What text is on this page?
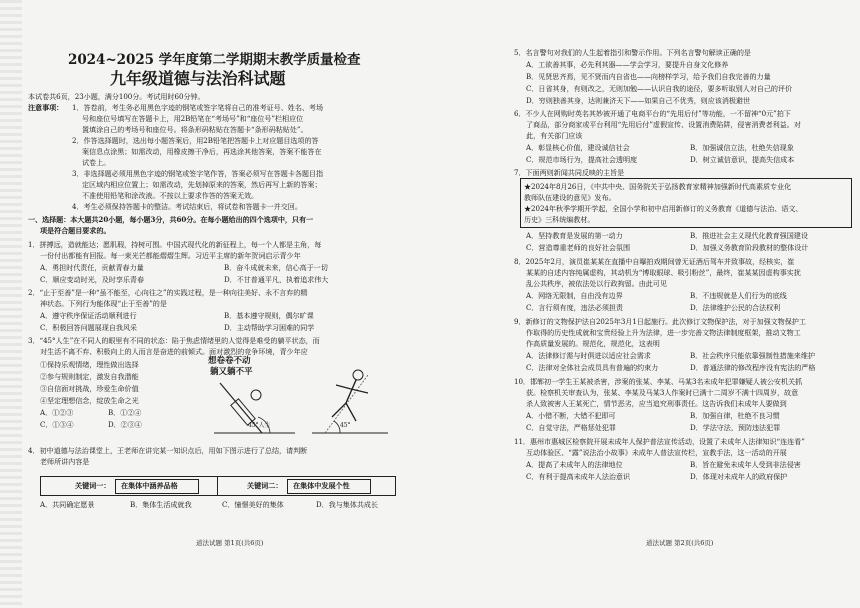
2024~2025 学年度第二学期期末教学质量检查
九年级道德与法治科试题
本试卷共6页，23小题，满分100分。考试用时60分钟。
注意事项： 1．答卷前，考生务必用黑色字迹的钢笔或签字笔将自己的准考证号、姓名、考场
号和座位号填写在答题卡上，用2B铅笔在“考场号”和“座位号”栏相应位
置填涂自己的考场号和座位号。将条形码粘贴在答题卡“条形码粘贴处”。
2．作答选择题时，选出每小题答案后，用2B铅笔把答题卡上对应题目选项的答
案信息点涂黑；如需改动，用橡皮擦干净后，再选涂其他答案，答案不能答在
试卷上。
3．非选择题必须用黑色字迹的钢笔或签字笔作答，答案必须写在答题卡各题目指
定区域内相应位置上；如需改动，先划掉原来的答案，然后再写上新的答案；
不准使用铅笔和涂改液。不按以上要求作答的答案无效。
4．考生必须保持答题卡的整洁。考试结束后，将试卷和答题卡一并交回。
一、选择题：本大题共20小题，每小题3分，共60分。在每小题给出的四个选项中，只有一
项是符合题目要求的。
1．拼搏远，造就能达；愿肌瑕，持树可围。中国式现代化的新征程上，每一个人都是主角，每
一份付出都能有回报。每一束光芒都能熠熠生辉。习近平主席的新年贺词启示青少年
A．勇担时代责任，贡献青春力量	B．奋斗成就未来，信心高于一切
C．顺应变动时光，及时享乐青春	D．不甘普通平凡，执着追求伟大
2．“止于至善”是一种“虽不能至，心向往之”的实践过程，是一种向往美好、永不言弃的精
神状态。下列行为能体现“止于至善”的是
A．遵守秩序保证活动顺利进行	B．基本遵守规则，偶尔旷课
C．积极回答问题展现自我风采	D．主动帮助学习困难的同学
3．“45°人生”在不同人的眼里有不同的状态：陷于焦虑情绪里的人觉得是难受的躺平状态，而
对生活不离不弃、积极向上的人而言是奋进的前倾式。面对激烈的竞争环境，青少年应
①保持乐观情绪，理性做出选择
②参与规则制定，激发自我潜能
③自信面对挑战，珍爱生命价值
④坚定理想信念，绽放生命之光
A．①②③	B．①②④
C．①③④	D．②③④
想卷卷不动
躺又躺不平
45°人生	45°
4．初中道德与法治课堂上，王老师在讲完某一知识点后，用如下图示进行了总结，请判断
老师所讲内容是
关键词一： 在集体中涵养品格	关键词二： 在集体中发展个性
A．共同确定愿景	B．集体生活成就我	C．憧憬美好的集体	D．我与集体共成长
道法试题 第1页(共6页)
5．名言警句对我们的人生起着指引和警示作用。下列名言警句解读正确的是
A．工欲善其事，必先利其器——学会学习，要提升自身文化修养
B．见贤思齐焉，见不贤而内自省也——向榜样学习，给予我们自我完善的力量
C．日省其身，有则改之，无则加勉——认识自我的途径，要多听取别人对自己的评价
D．穷则独善其身，达则兼济天下——如果自己不优秀，则应该消极避世
6．不少人在网购时英名其妙被开通了电商平台的“先用后付”等功能，一不留神“0元”拍下
了商品，部分商家或平台利用“先用后付”虚假宣传、设置消费陷阱，侵害消费者利益。对
此，有关部门应该
A．彰显核心价值，建设诚信社会	B．加强诚信立法，杜绝失信现象
C．规范市场行为，提高社会透明度	D．树立诚信意识，提高失信成本
7．下面两则新闻共同反映的主旨是
★2024年8月26日，《中共中央、国务院关于弘扬教育家精神加强新时代高素质专业化
教师队伍建设的意见》发布。
★2024年秋季学期开学起，全国小学和初中启用新修订的义务教育《道德与法治、语文、
历史》三科统编教材。
A．坚持教育是发展的第一动力	B．推进社会主义现代化教育强国建设
C．营造尊重老师的良好社会氛围	D．加强义务教育阶段教材的整体设计
8．2025年2月，演员崔某某在直播中自曝拍戏期间曾无证酒后驾车并致事故，经核实，崔
某某的自述内容纯属虚构，其动机为“博取眼球、吸引粉丝”，最终，崔某某因虚构事实扰
乱公共秩序，被依法处以行政拘留。由此可见
A．网络无限制，自由没有边界	B．不违规就是人们行为的底线
C．言行须有度，违法必须担责	D．法律维护公民的合法权利
9．新修订的文物保护法自2025年3月1日起施行。此次修订文物保护法，对于加强文物保护工
作取得的历史性成就和宝贵经验上升为法律，进一步完善文物法律制度框架，推动文物工
作高质量发展的。规范化，规范化，这表明
A．法律修订需与时俱进以适应社会需求	B．社会秩序只能依靠强制性措施来维护
C．法律对全体社会成员具有普遍的约束力	D．普通法律的修改程序没有宪法的严格
10．邯郸初一学生王某被杀害，涉案的张某、李某、马某3名未成年犯罪嫌疑人被公安机关抓
获。检察机关审查认为，张某、李某及马某3人作案时已满十二周岁不满十四周岁，故意
杀人致被害人王某死亡，情节恶劣，应当追究刑事责任。这告诉我们未成年人要做到
A．小错不断，大错不犯即可	B．加强自律，杜绝不良习惯
C．自觉守法，严格惩处犯罪	D．学法守法，预防违法犯罪
11．惠州市惠城区检察院开展未成年人保护普法宣传活动，设置了未成年人法律知识“连连看”
互动体验区、“露”说法治小故事》未成年人普法宣传栏，宣教手法，这一活动的开展
A．提高了未成年人的法律地位	B．旨在避免未成年人受到非法侵害
C．有利于提高未成年人法治意识	D．体现对未成年人的政府保护
道法试题 第2页(共6页)
